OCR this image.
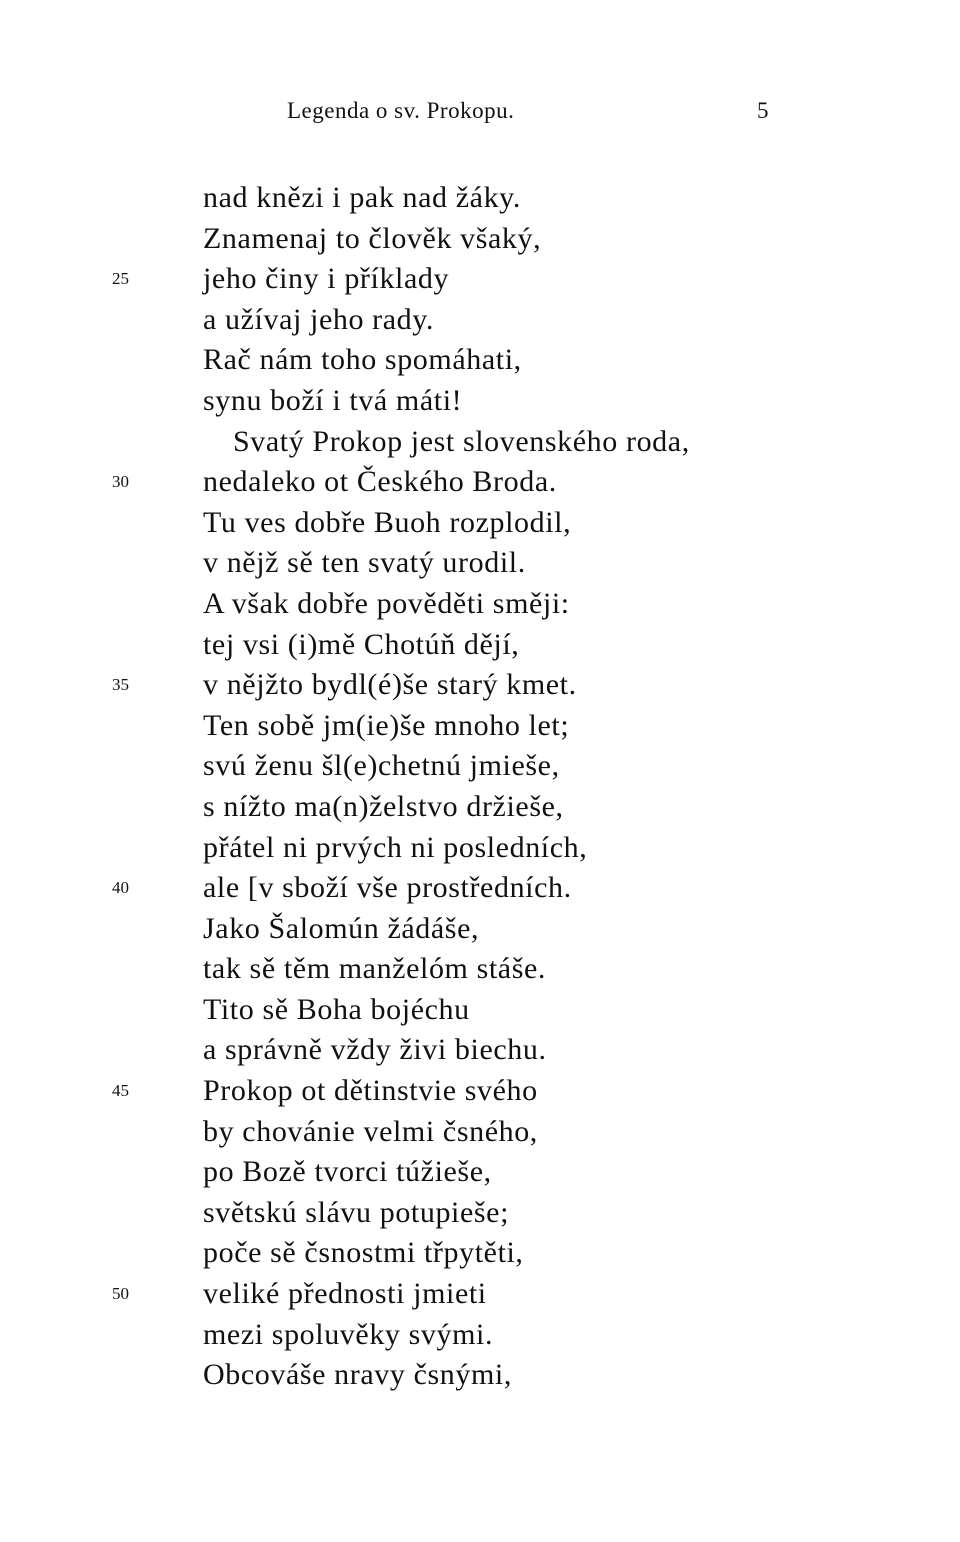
Legenda o sv. Prokopu.	5
nad knězi i pak nad žáky.
Znamenaj to člověk všaký,
25	jeho činy i příklady
a užívaj jeho rady.
Rač nám toho spomáhati,
synu boží i tvá máti!
Svatý Prokop jest slovenského roda,
30	nedaleko ot Českého Broda.
Tu ves dobře Buoh rozplodil,
v nějž sě ten svatý urodil.
A však dobře pověděti směji:
tej vsi (i)mě Chotúň dějí,
35	v nějžto bydl(é)še starý kmet.
Ten sobě jm(ie)še mnoho let;
svú ženu šl(e)chetnú jmieše,
s nížto ma(n)želstvo držieše,
přátel ni prvých ni posledních,
40	ale [v sboží vše prostředních.
Jako Šalomún žádáše,
tak sě těm manželóm stáše.
Tito sě Boha bojéchu
a správně vždy živi biechu.
45	Prokop ot dětinstvie svého
by chovánie velmi čsného,
po Bozě tvorci túžieše,
světskú slávu potupieše;
poče sě čsnostmi třpytěti,
50	veliké přednosti jmieti
mezi spoluvěky svými.
Obcováše nravy čsnými,
